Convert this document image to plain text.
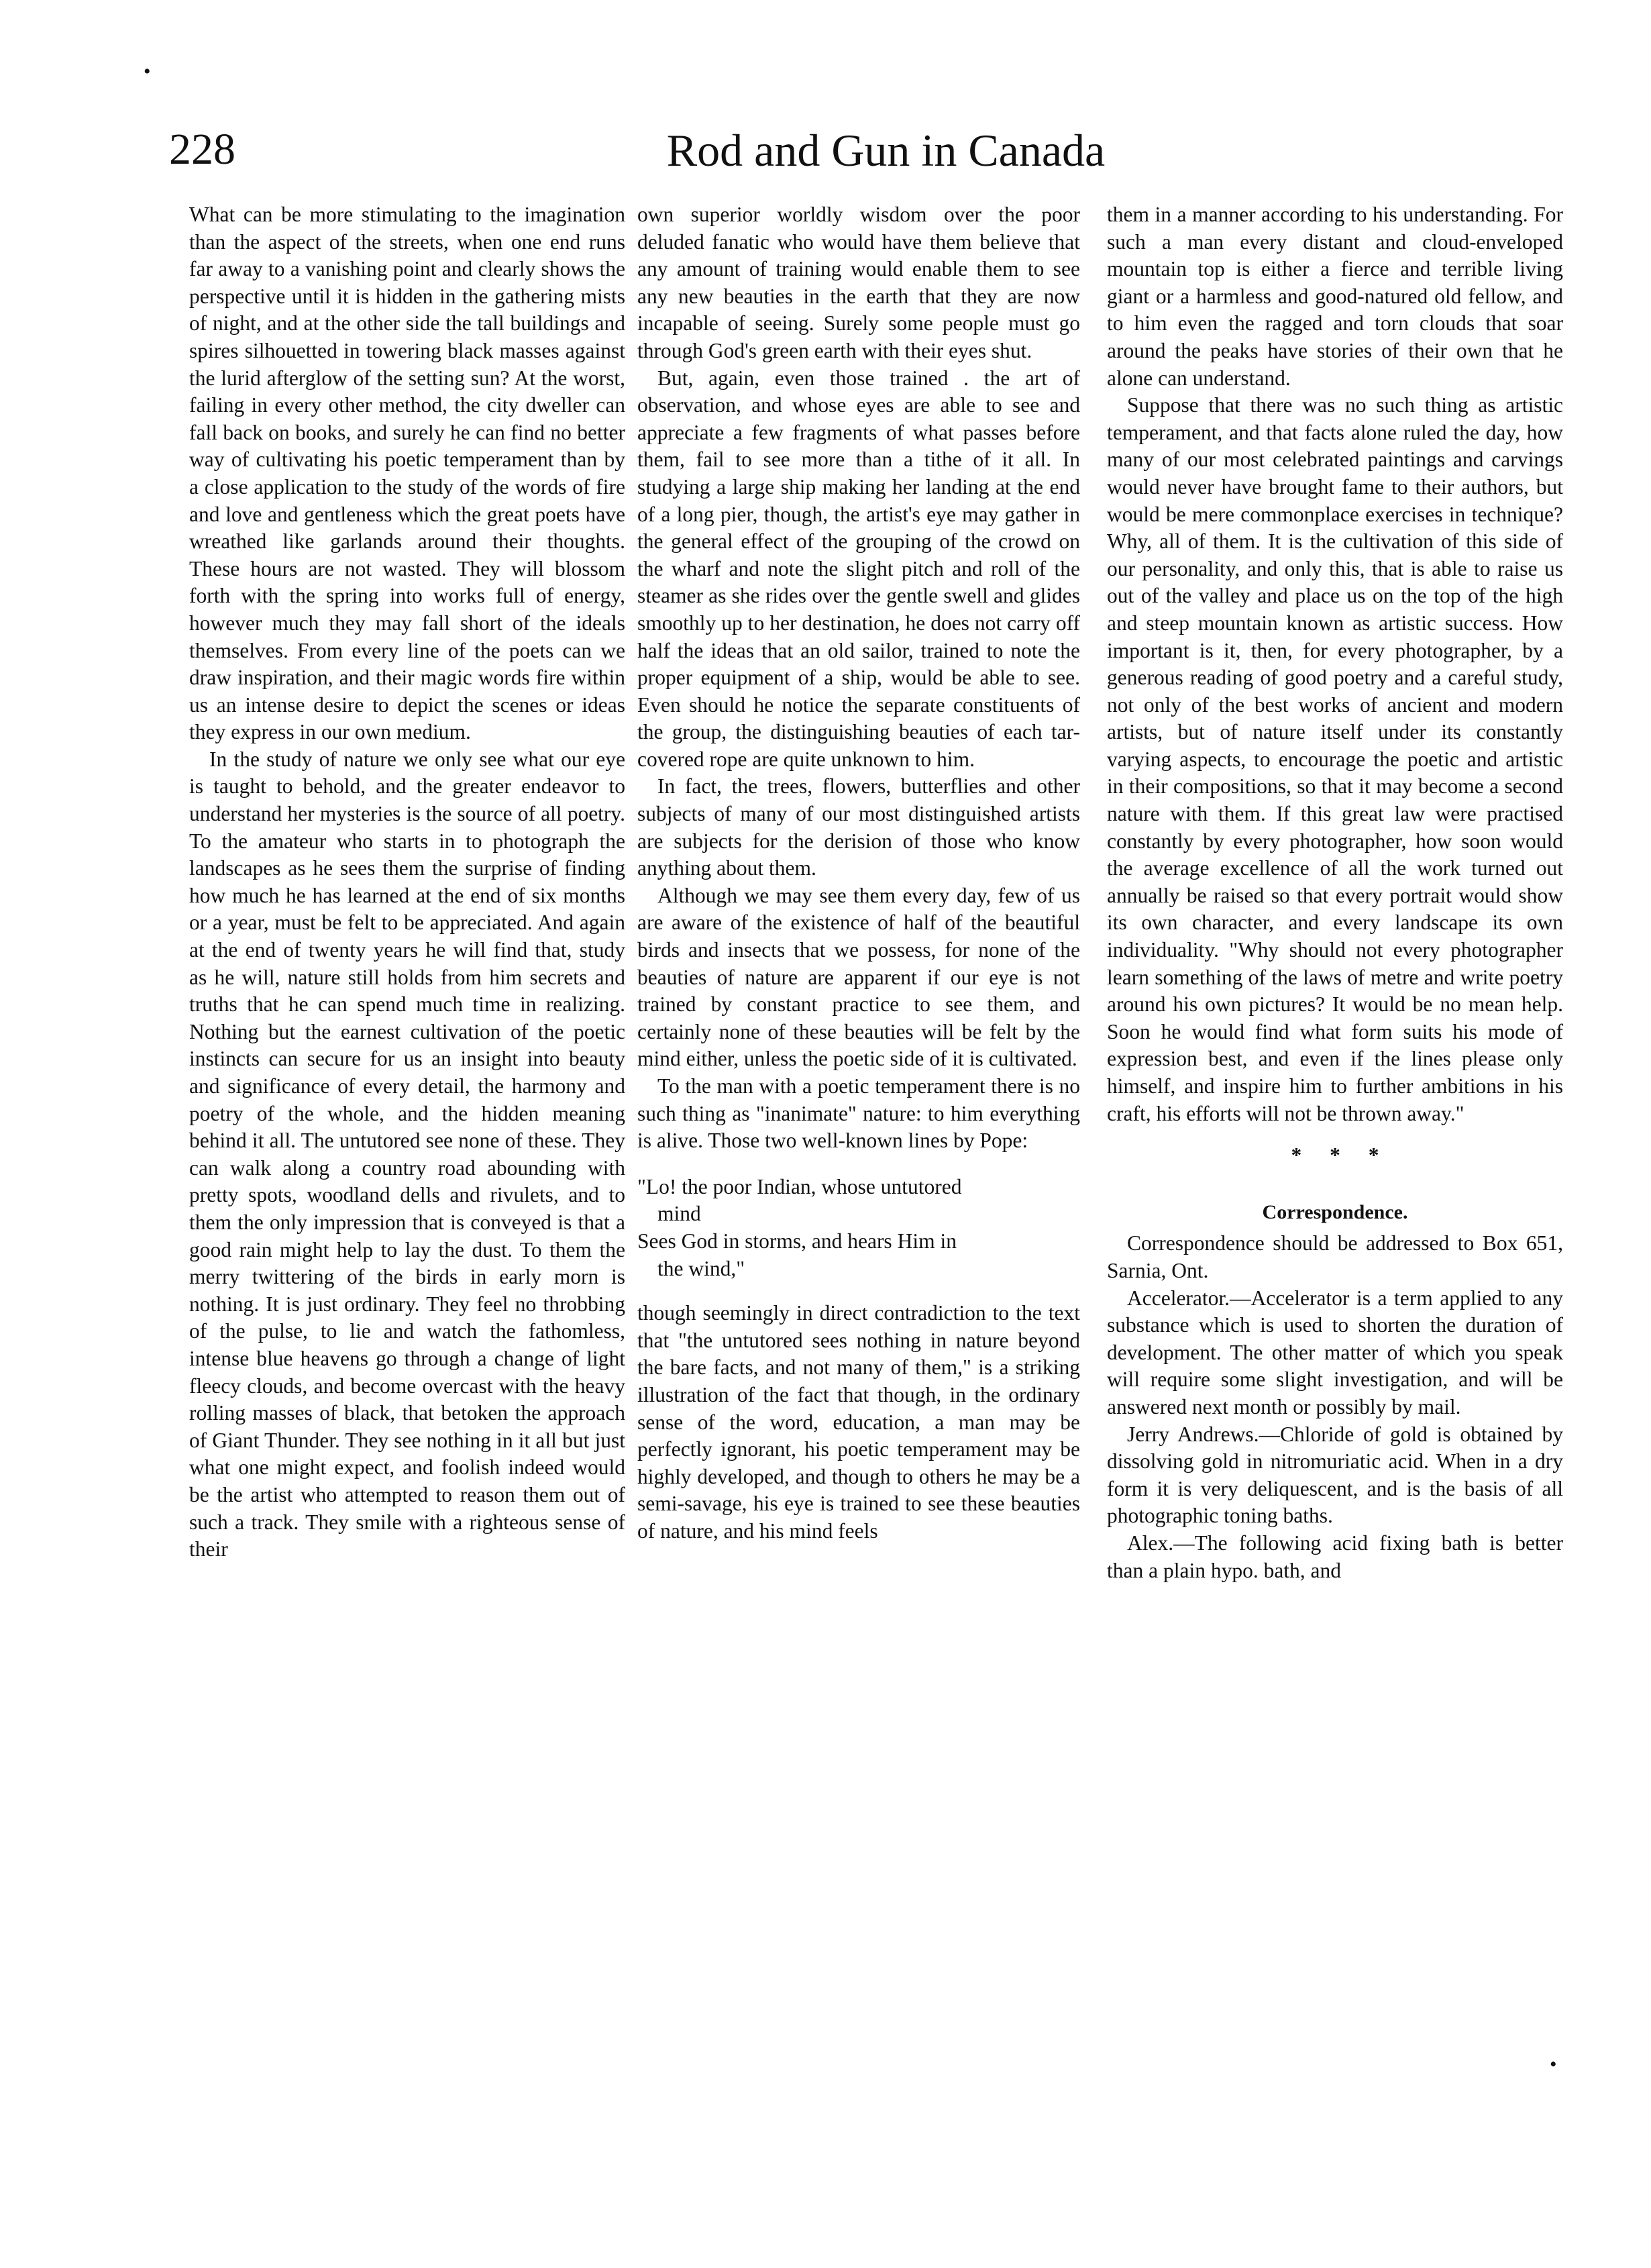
•
•
228	Rod and Gun in Canada

What can be more stimulating to the imagination than the aspect of the streets, when one end runs far away to a vanishing point and clearly shows the perspective until it is hidden in the gathering mists of night, and at the other side the tall buildings and spires silhouetted in towering black masses against the lurid afterglow of the setting sun? At the worst, failing in every other method, the city dweller can fall back on books, and surely he can find no better way of cultivating his poetic temperament than by a close application to the study of the words of fire and love and gentleness which the great poets have wreathed like garlands around their thoughts. These hours are not wasted. They will blossom forth with the spring into works full of energy, however much they may fall short of the ideals themselves. From every line of the poets can we draw inspiration, and their magic words fire within us an intense desire to depict the scenes or ideas they express in our own medium.

In the study of nature we only see what our eye is taught to behold, and the greater endeavor to understand her mysteries is the source of all poetry. To the amateur who starts in to photograph the landscapes as he sees them the surprise of finding how much he has learned at the end of six months or a year, must be felt to be appreciated. And again at the end of twenty years he will find that, study as he will, nature still holds from him secrets and truths that he can spend much time in realizing. Nothing but the earnest cultivation of the poetic instincts can secure for us an insight into beauty and significance of every detail, the harmony and poetry of the whole, and the hidden meaning behind it all. The untutored see none of these. They can walk along a country road abounding with pretty spots, woodland dells and rivulets, and to them the only impression that is conveyed is that a good rain might help to lay the dust. To them the merry twittering of the birds in early morn is nothing. It is just ordinary. They feel no throbbing of the pulse, to lie and watch the fathomless, intense blue heavens go through a change of light fleecy clouds, and become overcast with the heavy rolling masses of black, that betoken the approach of Giant Thunder. They see nothing in it all but just what one might expect, and foolish indeed would be the artist who attempted to reason them out of such a track. They smile with a righteous sense of their

own superior worldly wisdom over the poor deluded fanatic who would have them believe that any amount of training would enable them to see any new beauties in the earth that they are now incapable of seeing. Surely some people must go through God's green earth with their eyes shut.

But, again, even those trained . the art of observation, and whose eyes are able to see and appreciate a few fragments of what passes before them, fail to see more than a tithe of it all. In studying a large ship making her landing at the end of a long pier, though, the artist's eye may gather in the general effect of the grouping of the crowd on the wharf and note the slight pitch and roll of the steamer as she rides over the gentle swell and glides smoothly up to her destination, he does not carry off half the ideas that an old sailor, trained to note the proper equipment of a ship, would be able to see. Even should he notice the separate constituents of the group, the distinguishing beauties of each tar-covered rope are quite unknown to him.

In fact, the trees, flowers, butterflies and other subjects of many of our most distinguished artists are subjects for the derision of those who know anything about them.

Although we may see them every day, few of us are aware of the existence of half of the beautiful birds and insects that we possess, for none of the beauties of nature are apparent if our eye is not trained by constant practice to see them, and certainly none of these beauties will be felt by the mind either, unless the poetic side of it is cultivated.

To the man with a poetic temperament there is no such thing as "inanimate" nature: to him everything is alive. Those two well-known lines by Pope:

"Lo! the poor Indian, whose untutored
mind
Sees God in storms, and hears Him in
the wind,"

though seemingly in direct contradiction to the text that "the untutored sees nothing in nature beyond the bare facts, and not many of them," is a striking illustration of the fact that though, in the ordinary sense of the word, education, a man may be perfectly ignorant, his poetic temperament may be highly developed, and though to others he may be a semi-savage, his eye is trained to see these beauties of nature, and his mind feels

them in a manner according to his understanding. For such a man every distant and cloud-enveloped mountain top is either a fierce and terrible living giant or a harmless and good-natured old fellow, and to him even the ragged and torn clouds that soar around the peaks have stories of their own that he alone can understand.

Suppose that there was no such thing as artistic temperament, and that facts alone ruled the day, how many of our most celebrated paintings and carvings would never have brought fame to their authors, but would be mere commonplace exercises in technique? Why, all of them. It is the cultivation of this side of our personality, and only this, that is able to raise us out of the valley and place us on the top of the high and steep mountain known as artistic success. How important is it, then, for every photographer, by a generous reading of good poetry and a careful study, not only of the best works of ancient and modern artists, but of nature itself under its constantly varying aspects, to encourage the poetic and artistic in their compositions, so that it may become a second nature with them. If this great law were practised constantly by every photographer, how soon would the average excellence of all the work turned out annually be raised so that every portrait would show its own character, and every landscape its own individuality. "Why should not every photographer learn something of the laws of metre and write poetry around his own pictures? It would be no mean help. Soon he would find what form suits his mode of expression best, and even if the lines please only himself, and inspire him to further ambitions in his craft, his efforts will not be thrown away."

* * *

Correspondence.

Correspondence should be addressed to Box 651, Sarnia, Ont.

Accelerator.—Accelerator is a term applied to any substance which is used to shorten the duration of development. The other matter of which you speak will require some slight investigation, and will be answered next month or possibly by mail.

Jerry Andrews.—Chloride of gold is obtained by dissolving gold in nitromuriatic acid. When in a dry form it is very deliquescent, and is the basis of all photographic toning baths.

Alex.—The following acid fixing bath is better than a plain hypo. bath, and
